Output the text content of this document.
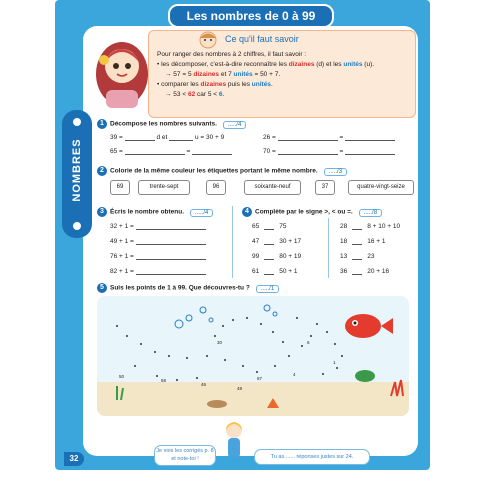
Les nombres de 0 à 99
NOMBRES
Ce qu'il faut savoir
Pour ranger des nombres à 2 chiffres, il faut savoir :
• les décomposer, c'est-à-dire reconnaître les dizaines (d) et les unités (u).
→ 57 = 5 dizaines et 7 unités = 50 + 7.
• comparer les dizaines puis les unités.
→ 53 < 62 car 5 < 6.
1 Décompose les nombres suivants. ...../4
39 =	d et	u = 30 + 9
65 =	=
26 =	=
70 =	=
2 Colorie de la même couleur les étiquettes portant le même nombre. ...../3
69	trente-sept	96	soixante-neuf	37	quatre-vingt-seize
3 Écris le nombre obtenu. ...../4
32 + 1 =
49 + 1 =
76 + 1 =
82 + 1 =
4 Complète par le signe >, < ou =. ...../8
65	75
47	30 + 17
99	80 + 19
61	50 + 1
28	8 + 10 + 10
18	16 + 1
13	23
36	20 + 16
5 Suis les points de 1 à 99. Que découvres-tu ? ...../1
50
58
46
48
87
1
4
6
30
32
Je vois les corrigés p. 8 et note-toi !	Tu as ...... réponses justes sur 24.
